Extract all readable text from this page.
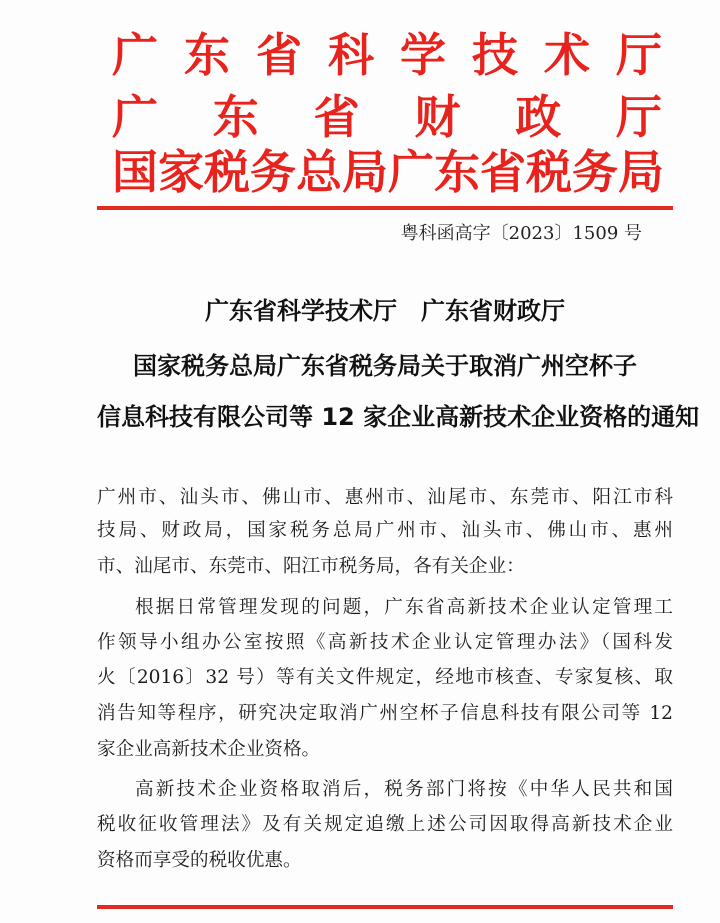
广 东 省 科 学 技 术 厅
广 东 省 财 政 厅
国 家 税 务 总 局 广 东 省 税 务 局
粤科函高字〔2023〕1509 号
广东省科学技术厅　广东省财政厅
国家税务总局广东省税务局关于取消广州空杯子
信息科技有限公司等 12 家企业高新技术企业资格的通知
广州市、汕头市、佛山市、惠州市、汕尾市、东莞市、阳江市科
技局、财政局，国家税务总局广州市、汕头市、佛山市、惠州
市、汕尾市、东莞市、阳江市税务局，各有关企业：
根据日常管理发现的问题，广东省高新技术企业认定管理工
作领导小组办公室按照《高新技术企业认定管理办法》（国科发
火〔2016〕32 号）等有关文件规定，经地市核查、专家复核、取
消告知等程序，研究决定取消广州空杯子信息科技有限公司等 12
家企业高新技术企业资格。
高新技术企业资格取消后，税务部门将按《中华人民共和国
税收征收管理法》及有关规定追缴上述公司因取得高新技术企业
资格而享受的税收优惠。
